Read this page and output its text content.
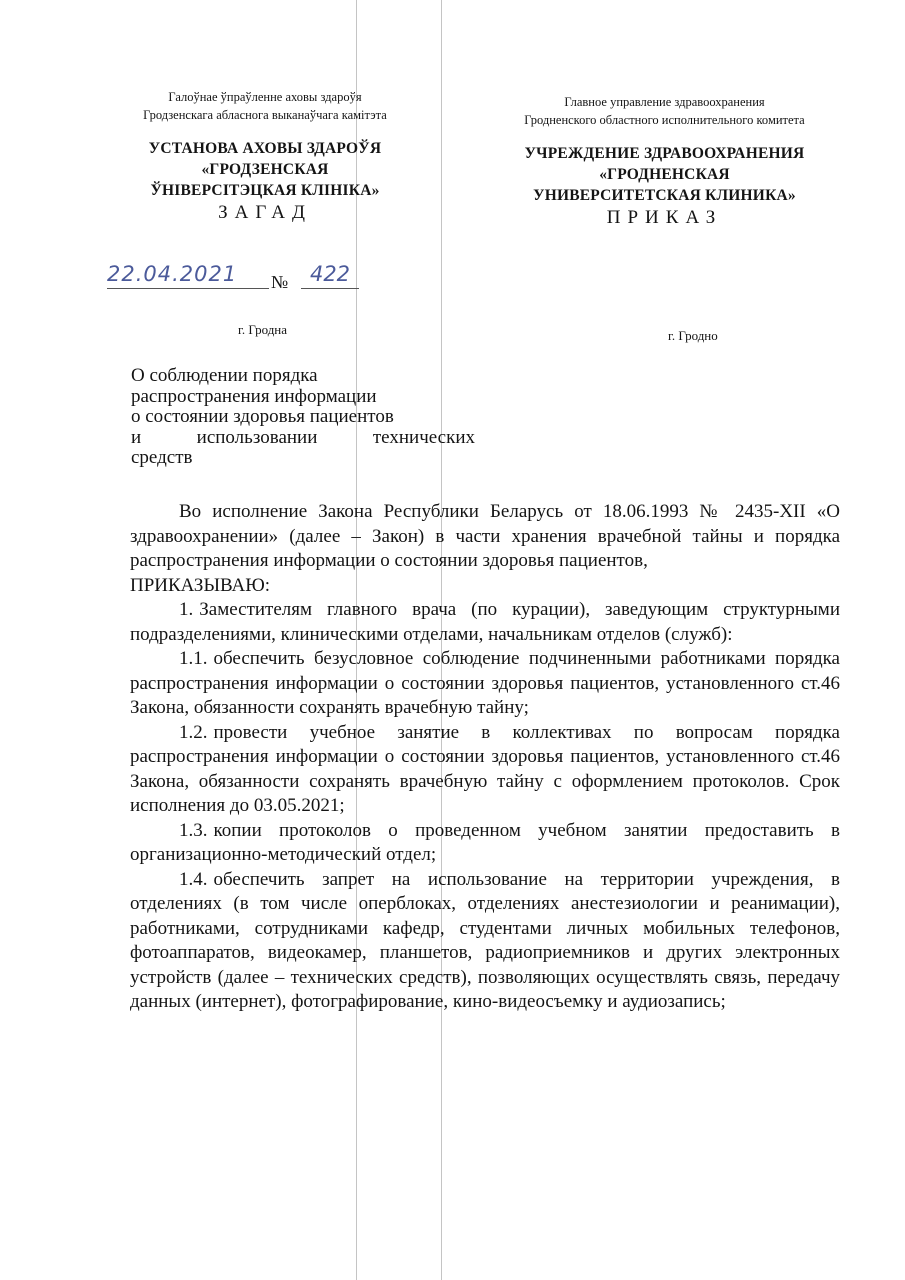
Галоўнае ўпраўленне аховы здароўя
Гродзенскага абласнога выканаўчага камітэта
УСТАНОВА АХОВЫ ЗДАРОЎЯ
«ГРОДЗЕНСКАЯ
ЎНІВЕРСІТЭЦКАЯ КЛІНІКА»
ЗАГАД
Главное управление здравоохранения
Гродненского областного исполнительного комитета
УЧРЕЖДЕНИЕ ЗДРАВООХРАНЕНИЯ
«ГРОДНЕНСКАЯ
УНИВЕРСИТЕТСКАЯ КЛИНИКА»
ПРИКАЗ
22.04.2021	№	422
г. Гродна	г. Гродно
О соблюдении порядка
распространения информации
о состоянии здоровья пациентов
и использовании технических
средств

Во исполнение Закона Республики Беларусь от 18.06.1993 № 2435-XII «О здравоохранении» (далее – Закон) в части хранения врачебной тайны и порядка распространения информации о состоянии здоровья пациентов,

ПРИКАЗЫВАЮ:

1. Заместителям главного врача (по курации), заведующим структурными подразделениями, клиническими отделами, начальникам отделов (служб):

1.1. обеспечить безусловное соблюдение подчиненными работниками порядка распространения информации о состоянии здоровья пациентов, установленного ст.46 Закона, обязанности сохранять врачебную тайну;

1.2. провести учебное занятие в коллективах по вопросам порядка распространения информации о состоянии здоровья пациентов, установленного ст.46 Закона, обязанности сохранять врачебную тайну с оформлением протоколов. Срок исполнения до 03.05.2021;

1.3. копии протоколов о проведенном учебном занятии предоставить в организационно-методический отдел;

1.4. обеспечить запрет на использование на территории учреждения, в отделениях (в том числе оперблоках, отделениях анестезиологии и реанимации), работниками, сотрудниками кафедр, студентами личных мобильных телефонов, фотоаппаратов, видеокамер, планшетов, радиоприемников и других электронных устройств (далее – технических средств), позволяющих осуществлять связь, передачу данных (интернет), фотографирование, кино-видеосъемку и аудиозапись;
